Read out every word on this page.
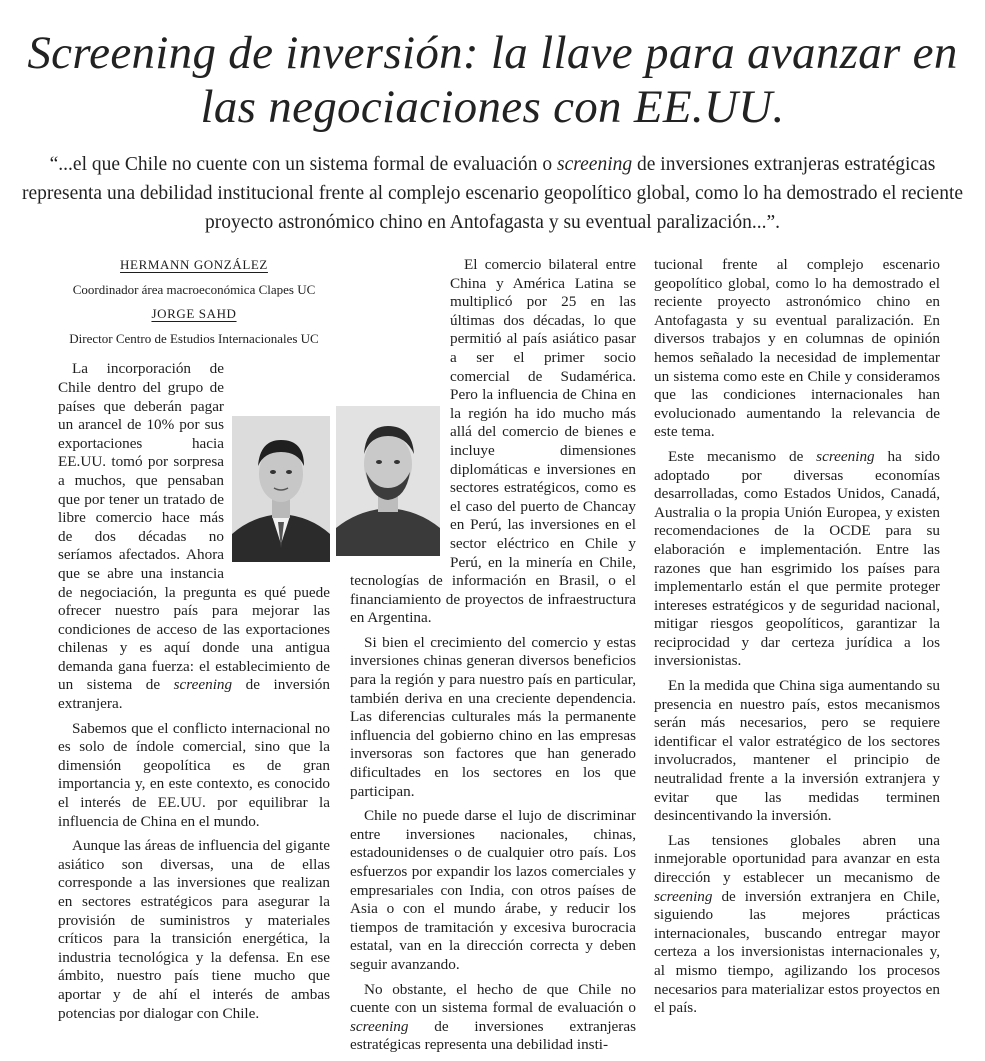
Screening de inversión: la llave para avanzar en las negociaciones con EE.UU.
“...el que Chile no cuente con un sistema formal de evaluación o screening de inversiones extranjeras estratégicas representa una debilidad institucional frente al complejo escenario geopolítico global, como lo ha demostrado el reciente proyecto astronómico chino en Antofagasta y su eventual paralización...”.

HERMANN GONZÁLEZ

Coordinador área macroeconómica Clapes UC

JORGE SAHD

Director Centro de Estudios Internacionales UC

La incorporación de Chile dentro del grupo de países que deberán pagar un arancel de 10% por sus exportaciones hacia EE.UU. tomó por sorpresa a muchos, que pensaban que por tener un tratado de libre comercio hace más de dos décadas no seríamos afectados. Ahora que se abre una instancia de negociación, la pregunta es qué puede ofrecer nuestro país para mejorar las condiciones de acceso de las exportaciones chilenas y es aquí donde una antigua demanda gana fuerza: el establecimiento de un sistema de screening de inversión extranjera.

Sabemos que el conflicto internacional no es solo de índole comercial, sino que la dimensión geopolítica es de gran importancia y, en este contexto, es conocido el interés de EE.UU. por equilibrar la influencia de China en el mundo.

Aunque las áreas de influencia del gigante asiático son diversas, una de ellas corresponde a las inversiones que realizan en sectores estratégicos para asegurar la provisión de suministros y materiales críticos para la transición energética, la industria tecnológica y la defensa. En ese ámbito, nuestro país tiene mucho que aportar y de ahí el interés de ambas potencias por dialogar con Chile.

El comercio bilateral entre China y América Latina se multiplicó por 25 en las últimas dos décadas, lo que permitió al país asiático pasar a ser el primer socio comercial de Sudamérica. Pero la influencia de China en la región ha ido mucho más allá del comercio de bienes e incluye dimensiones diplomáticas e inversiones en sectores estratégicos, como es el caso del puerto de Chancay en Perú, las inversiones en el sector eléctrico en Chile y Perú, en la minería en Chile, tecnologías de información en Brasil, o el financiamiento de proyectos de infraestructura en Argentina.

Si bien el crecimiento del comercio y estas inversiones chinas generan diversos beneficios para la región y para nuestro país en particular, también deriva en una creciente dependencia. Las diferencias culturales más la permanente influencia del gobierno chino en las empresas inversoras son factores que han generado dificultades en los sectores en los que participan.

Chile no puede darse el lujo de discriminar entre inversiones nacionales, chinas, estadounidenses o de cualquier otro país. Los esfuerzos por expandir los lazos comerciales y empresariales con India, con otros países de Asia o con el mundo árabe, y reducir los tiempos de tramitación y excesiva burocracia estatal, van en la dirección correcta y deben seguir avanzando.

No obstante, el hecho de que Chile no cuente con un sistema formal de evaluación o screening de inversiones extranjeras estratégicas representa una debilidad insti-

tucional frente al complejo escenario geopolítico global, como lo ha demostrado el reciente proyecto astronómico chino en Antofagasta y su eventual paralización. En diversos trabajos y en columnas de opinión hemos señalado la necesidad de implementar un sistema como este en Chile y consideramos que las condiciones internacionales han evolucionado aumentando la relevancia de este tema.

Este mecanismo de screening ha sido adoptado por diversas economías desarrolladas, como Estados Unidos, Canadá, Australia o la propia Unión Europea, y existen recomendaciones de la OCDE para su elaboración e implementación. Entre las razones que han esgrimido los países para implementarlo están el que permite proteger intereses estratégicos y de seguridad nacional, mitigar riesgos geopolíticos, garantizar la reciprocidad y dar certeza jurídica a los inversionistas.

En la medida que China siga aumentando su presencia en nuestro país, estos mecanismos serán más necesarios, pero se requiere identificar el valor estratégico de los sectores involucrados, mantener el principio de neutralidad frente a la inversión extranjera y evitar que las medidas terminen desincentivando la inversión.

Las tensiones globales abren una inmejorable oportunidad para avanzar en esta dirección y establecer un mecanismo de screening de inversión extranjera en Chile, siguiendo las mejores prácticas internacionales, buscando entregar mayor certeza a los inversionistas internacionales y, al mismo tiempo, agilizando los procesos necesarios para materializar estos proyectos en el país.
